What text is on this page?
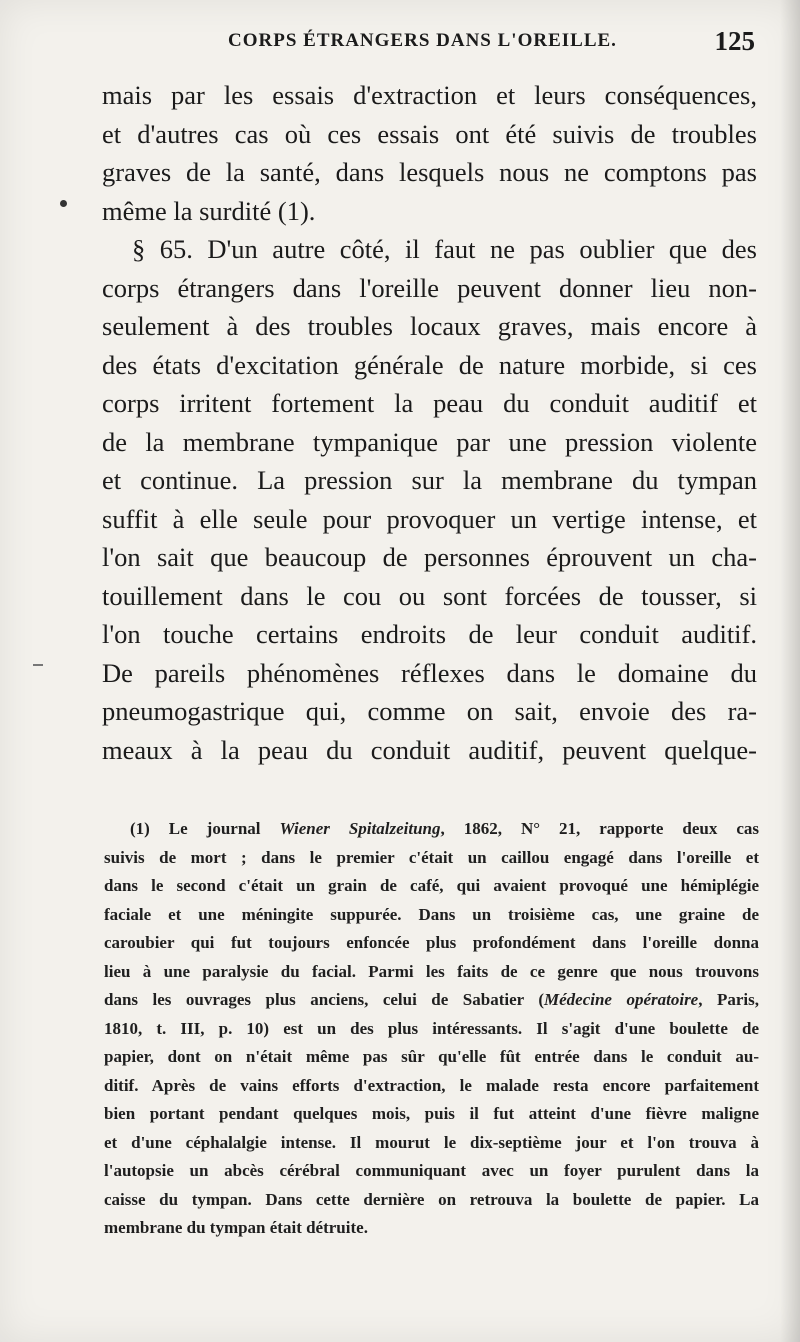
CORPS ÉTRANGERS DANS L'OREILLE.	125
mais par les essais d'extraction et leurs conséquences,
et d'autres cas où ces essais ont été suivis de troubles
graves de la santé, dans lesquels nous ne comptons pas
même la surdité (1).
§ 65. D'un autre côté, il faut ne pas oublier que des
corps étrangers dans l'oreille peuvent donner lieu non-
seulement à des troubles locaux graves, mais encore à
des états d'excitation générale de nature morbide, si ces
corps irritent fortement la peau du conduit auditif et
de la membrane tympanique par une pression violente
et continue. La pression sur la membrane du tympan
suffit à elle seule pour provoquer un vertige intense, et
l'on sait que beaucoup de personnes éprouvent un cha-
touillement dans le cou ou sont forcées de tousser, si
l'on touche certains endroits de leur conduit auditif.
De pareils phénomènes réflexes dans le domaine du
pneumogastrique qui, comme on sait, envoie des ra-
meaux à la peau du conduit auditif, peuvent quelque-
(1) Le journal Wiener Spitalzeitung, 1862, N° 21, rapporte deux cas
suivis de mort ; dans le premier c'était un caillou engagé dans l'oreille et
dans le second c'était un grain de café, qui avaient provoqué une hémiplégie
faciale et une méningite suppurée. Dans un troisième cas, une graine de
caroubier qui fut toujours enfoncée plus profondément dans l'oreille donna
lieu à une paralysie du facial. Parmi les faits de ce genre que nous trouvons
dans les ouvrages plus anciens, celui de Sabatier (Médecine opératoire, Paris,
1810, t. III, p. 10) est un des plus intéressants. Il s'agit d'une boulette de
papier, dont on n'était même pas sûr qu'elle fût entrée dans le conduit au-
ditif. Après de vains efforts d'extraction, le malade resta encore parfaitement
bien portant pendant quelques mois, puis il fut atteint d'une fièvre maligne
et d'une céphalalgie intense. Il mourut le dix-septième jour et l'on trouva à
l'autopsie un abcès cérébral communiquant avec un foyer purulent dans la
caisse du tympan. Dans cette dernière on retrouva la boulette de papier. La
membrane du tympan était détruite.
